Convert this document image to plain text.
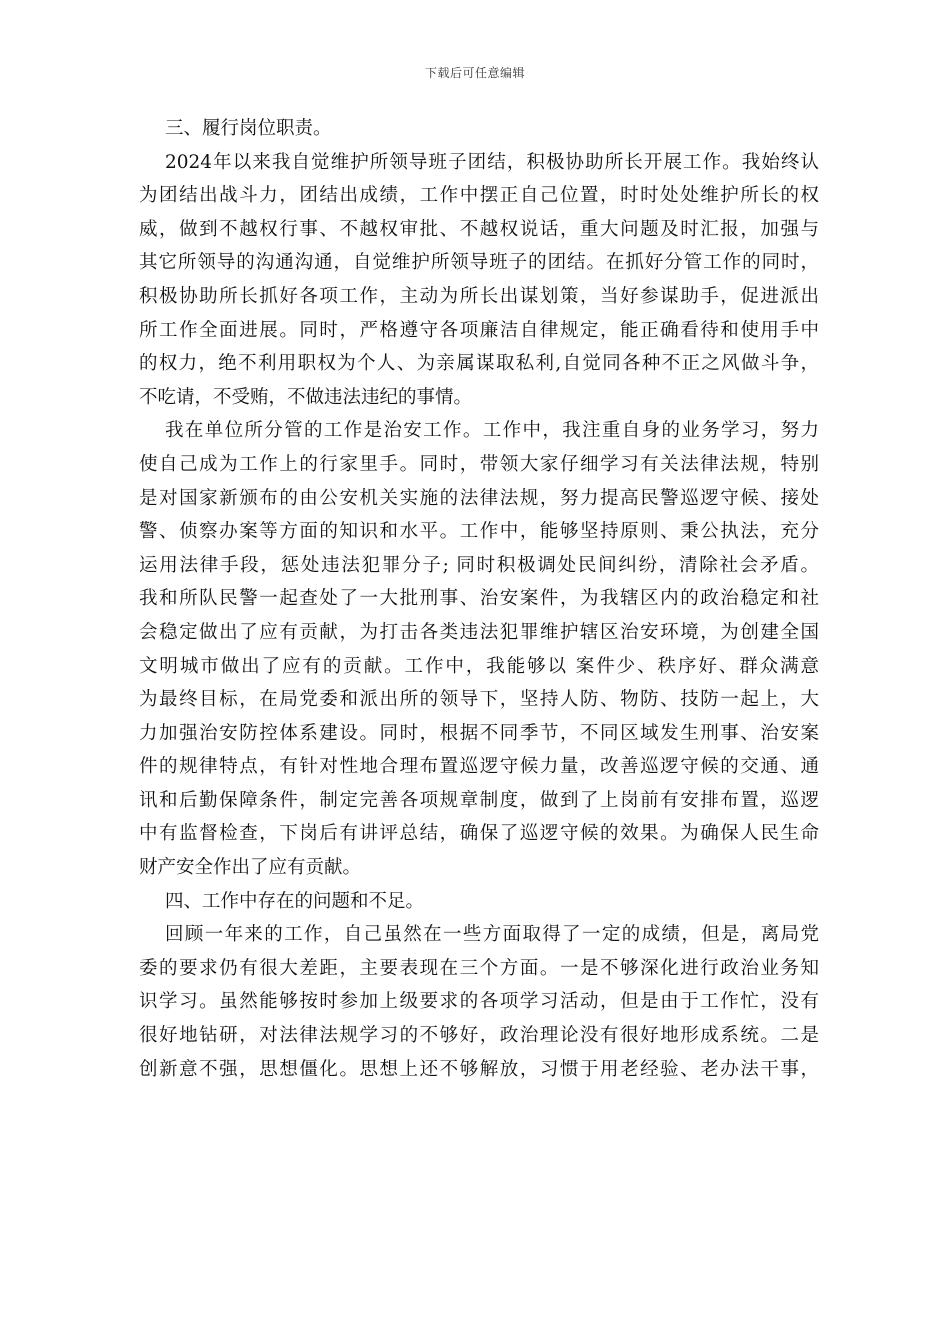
下载后可任意编辑
三、履行岗位职责。
2024年以来我自觉维护所领导班子团结，积极协助所长开展工作。我始终认
为团结出战斗力，团结出成绩，工作中摆正自己位置，时时处处维护所长的权
威，做到不越权行事、不越权审批、不越权说话，重大问题及时汇报，加强与
其它所领导的沟通沟通，自觉维护所领导班子的团结。在抓好分管工作的同时，
积极协助所长抓好各项工作，主动为所长出谋划策，当好参谋助手，促进派出
所工作全面进展。同时，严格遵守各项廉洁自律规定，能正确看待和使用手中
的权力，绝不利用职权为个人、为亲属谋取私利,自觉同各种不正之风做斗争，
不吃请，不受贿，不做违法违纪的事情。
我在单位所分管的工作是治安工作。工作中，我注重自身的业务学习，努力
使自己成为工作上的行家里手。同时，带领大家仔细学习有关法律法规，特别
是对国家新颁布的由公安机关实施的法律法规，努力提高民警巡逻守候、接处
警、侦察办案等方面的知识和水平。工作中，能够坚持原则、秉公执法，充分
运用法律手段，惩处违法犯罪分子; 同时积极调处民间纠纷，清除社会矛盾。
我和所队民警一起查处了一大批刑事、治安案件，为我辖区内的政治稳定和社
会稳定做出了应有贡献，为打击各类违法犯罪维护辖区治安环境，为创建全国
文明城市做出了应有的贡献。工作中，我能够以 案件少、秩序好、群众满意
为最终目标，在局党委和派出所的领导下，坚持人防、物防、技防一起上，大
力加强治安防控体系建设。同时，根据不同季节，不同区域发生刑事、治安案
件的规律特点，有针对性地合理布置巡逻守候力量，改善巡逻守候的交通、通
讯和后勤保障条件，制定完善各项规章制度，做到了上岗前有安排布置，巡逻
中有监督检查，下岗后有讲评总结，确保了巡逻守候的效果。为确保人民生命
财产安全作出了应有贡献。
四、工作中存在的问题和不足。
回顾一年来的工作，自己虽然在一些方面取得了一定的成绩，但是，离局党
委的要求仍有很大差距，主要表现在三个方面。一是不够深化进行政治业务知
识学习。虽然能够按时参加上级要求的各项学习活动，但是由于工作忙，没有
很好地钻研，对法律法规学习的不够好，政治理论没有很好地形成系统。二是
创新意不强，思想僵化。思想上还不够解放，习惯于用老经验、老办法干事，
